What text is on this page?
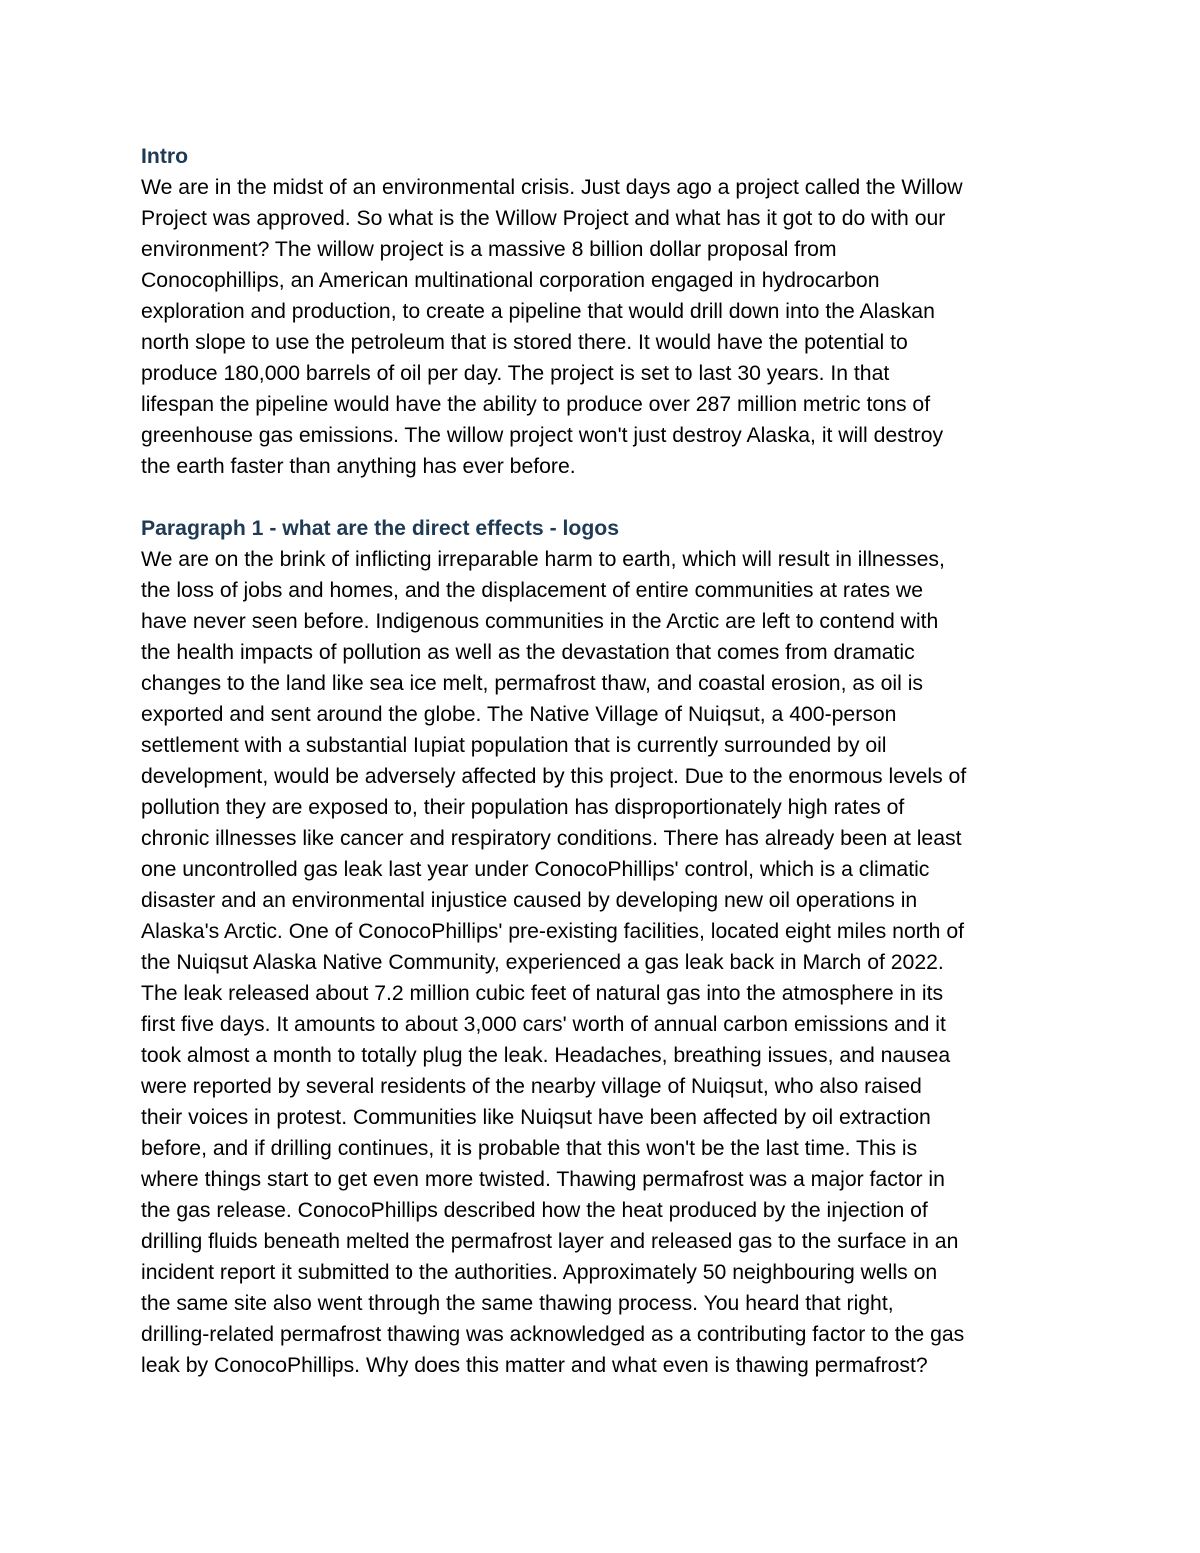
Intro

We are in the midst of an environmental crisis. Just days ago a project called the Willow
Project was approved. So what is the Willow Project and what has it got to do with our
environment? The willow project is a massive 8 billion dollar proposal from
Conocophillips, an American multinational corporation engaged in hydrocarbon
exploration and production, to create a pipeline that would drill down into the Alaskan
north slope to use the petroleum that is stored there. It would have the potential to
produce 180,000 barrels of oil per day. The project is set to last 30 years. In that
lifespan the pipeline would have the ability to produce over 287 million metric tons of
greenhouse gas emissions. The willow project won't just destroy Alaska, it will destroy
the earth faster than anything has ever before.

Paragraph 1 - what are the direct effects - logos

We are on the brink of inflicting irreparable harm to earth, which will result in illnesses,
the loss of jobs and homes, and the displacement of entire communities at rates we
have never seen before. Indigenous communities in the Arctic are left to contend with
the health impacts of pollution as well as the devastation that comes from dramatic
changes to the land like sea ice melt, permafrost thaw, and coastal erosion, as oil is
exported and sent around the globe. The Native Village of Nuiqsut, a 400-person
settlement with a substantial Iupiat population that is currently surrounded by oil
development, would be adversely affected by this project. Due to the enormous levels of
pollution they are exposed to, their population has disproportionately high rates of
chronic illnesses like cancer and respiratory conditions. There has already been at least
one uncontrolled gas leak last year under ConocoPhillips' control, which is a climatic
disaster and an environmental injustice caused by developing new oil operations in
Alaska's Arctic. One of ConocoPhillips' pre-existing facilities, located eight miles north of
the Nuiqsut Alaska Native Community, experienced a gas leak back in March of 2022.
The leak released about 7.2 million cubic feet of natural gas into the atmosphere in its
first five days. It amounts to about 3,000 cars' worth of annual carbon emissions and it
took almost a month to totally plug the leak. Headaches, breathing issues, and nausea
were reported by several residents of the nearby village of Nuiqsut, who also raised
their voices in protest. Communities like Nuiqsut have been affected by oil extraction
before, and if drilling continues, it is probable that this won't be the last time. This is
where things start to get even more twisted. Thawing permafrost was a major factor in
the gas release. ConocoPhillips described how the heat produced by the injection of
drilling fluids beneath melted the permafrost layer and released gas to the surface in an
incident report it submitted to the authorities. Approximately 50 neighbouring wells on
the same site also went through the same thawing process. You heard that right,
drilling-related permafrost thawing was acknowledged as a contributing factor to the gas
leak by ConocoPhillips. Why does this matter and what even is thawing permafrost?
